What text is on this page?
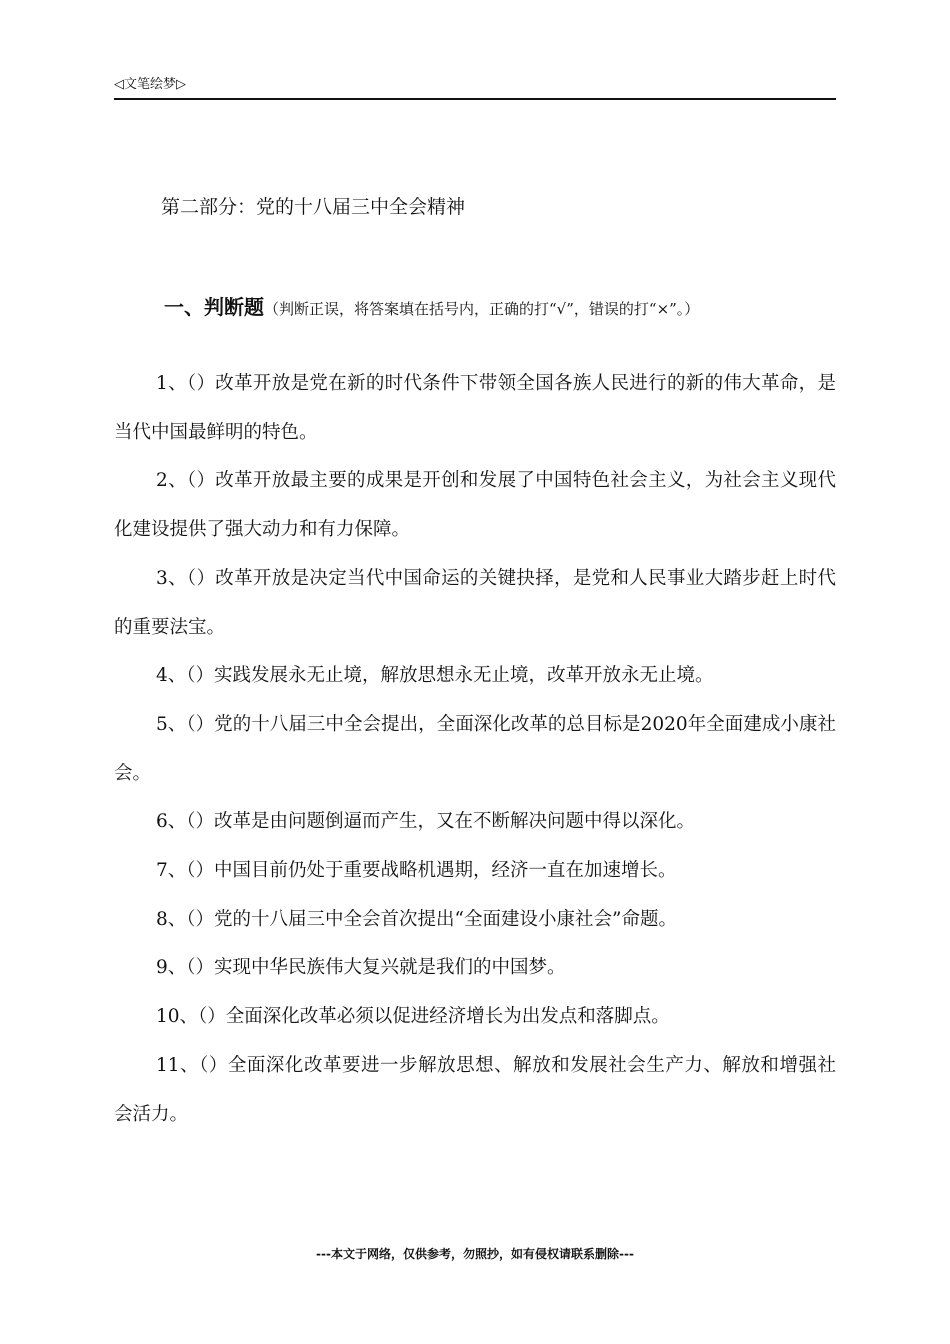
◁文笔绘梦▷
第二部分：党的十八届三中全会精神
一、判断题（判断正误，将答案填在括号内，正确的打“√”，错误的打“×”。）

1、（）改革开放是党在新的时代条件下带领全国各族人民进行的新的伟大革命，是当代中国最鲜明的特色。

2、（）改革开放最主要的成果是开创和发展了中国特色社会主义，为社会主义现代化建设提供了强大动力和有力保障。

3、（）改革开放是决定当代中国命运的关键抉择，是党和人民事业大踏步赶上时代的重要法宝。

4、（）实践发展永无止境，解放思想永无止境，改革开放永无止境。

5、（）党的十八届三中全会提出，全面深化改革的总目标是2020年全面建成小康社会。

6、（）改革是由问题倒逼而产生，又在不断解决问题中得以深化。

7、（）中国目前仍处于重要战略机遇期，经济一直在加速增长。

8、（）党的十八届三中全会首次提出“全面建设小康社会”命题。

9、（）实现中华民族伟大复兴就是我们的中国梦。

10、（）全面深化改革必须以促进经济增长为出发点和落脚点。

11、（）全面深化改革要进一步解放思想、解放和发展社会生产力、解放和增强社会活力。

---本文于网络，仅供参考，勿照抄，如有侵权请联系删除---
